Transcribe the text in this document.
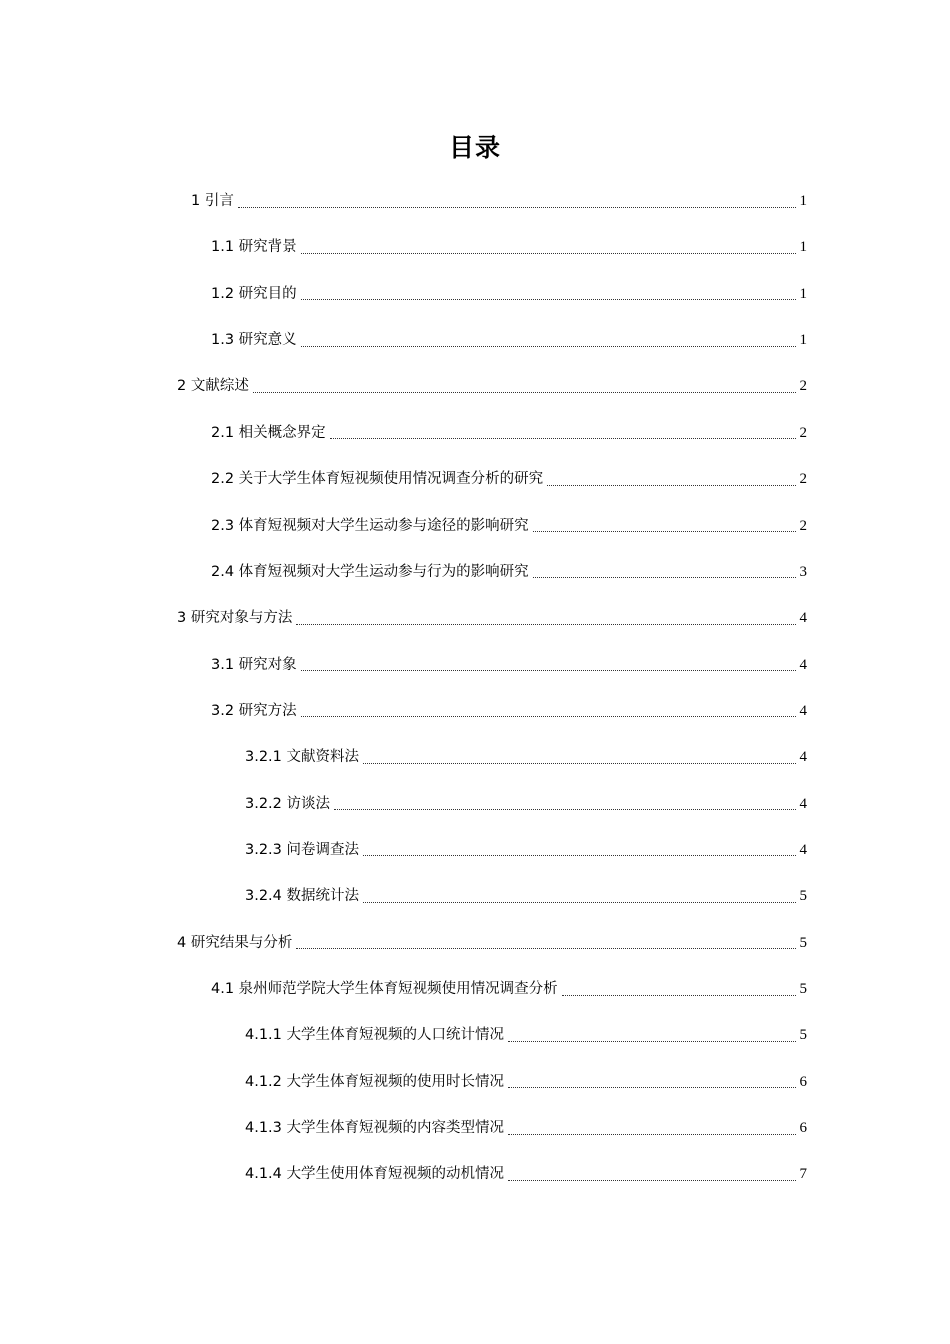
目录
1 引言	1
1.1 研究背景	1
1.2 研究目的	1
1.3 研究意义	1
2 文献综述	2
2.1 相关概念界定	2
2.2 关于大学生体育短视频使用情况调查分析的研究	2
2.3 体育短视频对大学生运动参与途径的影响研究	2
2.4 体育短视频对大学生运动参与行为的影响研究	3
3 研究对象与方法	4
3.1 研究对象	4
3.2 研究方法	4
3.2.1 文献资料法	4
3.2.2 访谈法	4
3.2.3 问卷调查法	4
3.2.4 数据统计法	5
4 研究结果与分析	5
4.1 泉州师范学院大学生体育短视频使用情况调查分析	5
4.1.1 大学生体育短视频的人口统计情况	5
4.1.2 大学生体育短视频的使用时长情况	6
4.1.3 大学生体育短视频的内容类型情况	6
4.1.4 大学生使用体育短视频的动机情况	7
